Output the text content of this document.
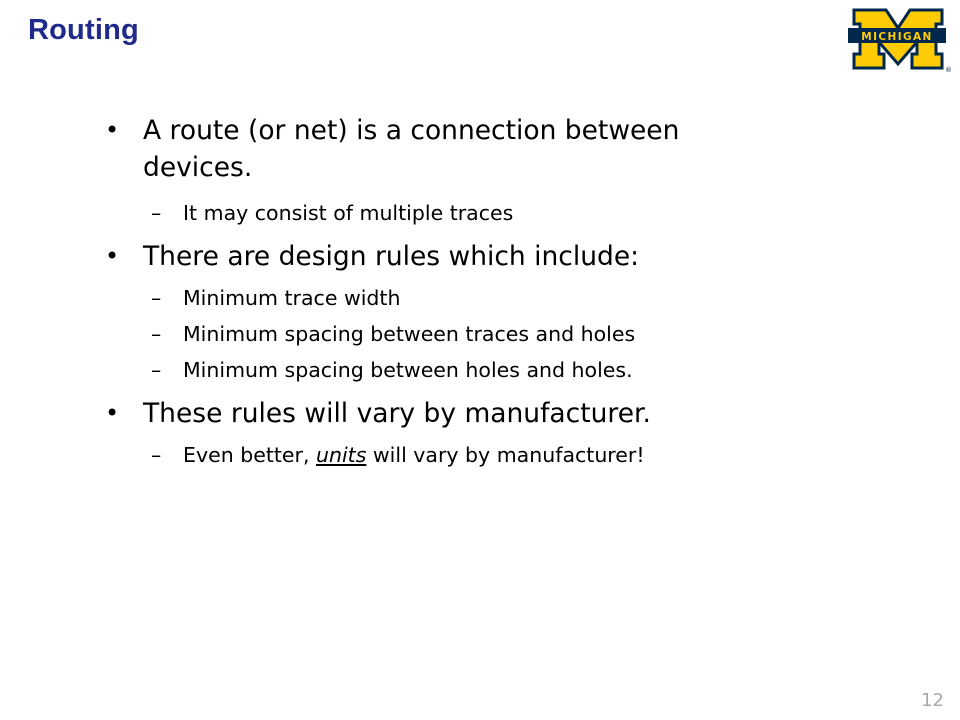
Routing	MICHIGAN
®

• A route (or net) is a connection between devices.

– It may consist of multiple traces

• There are design rules which include:

– Minimum trace width

– Minimum spacing between traces and holes

– Minimum spacing between holes and holes.

• These rules will vary by manufacturer.

– Even better, units will vary by manufacturer!

12
